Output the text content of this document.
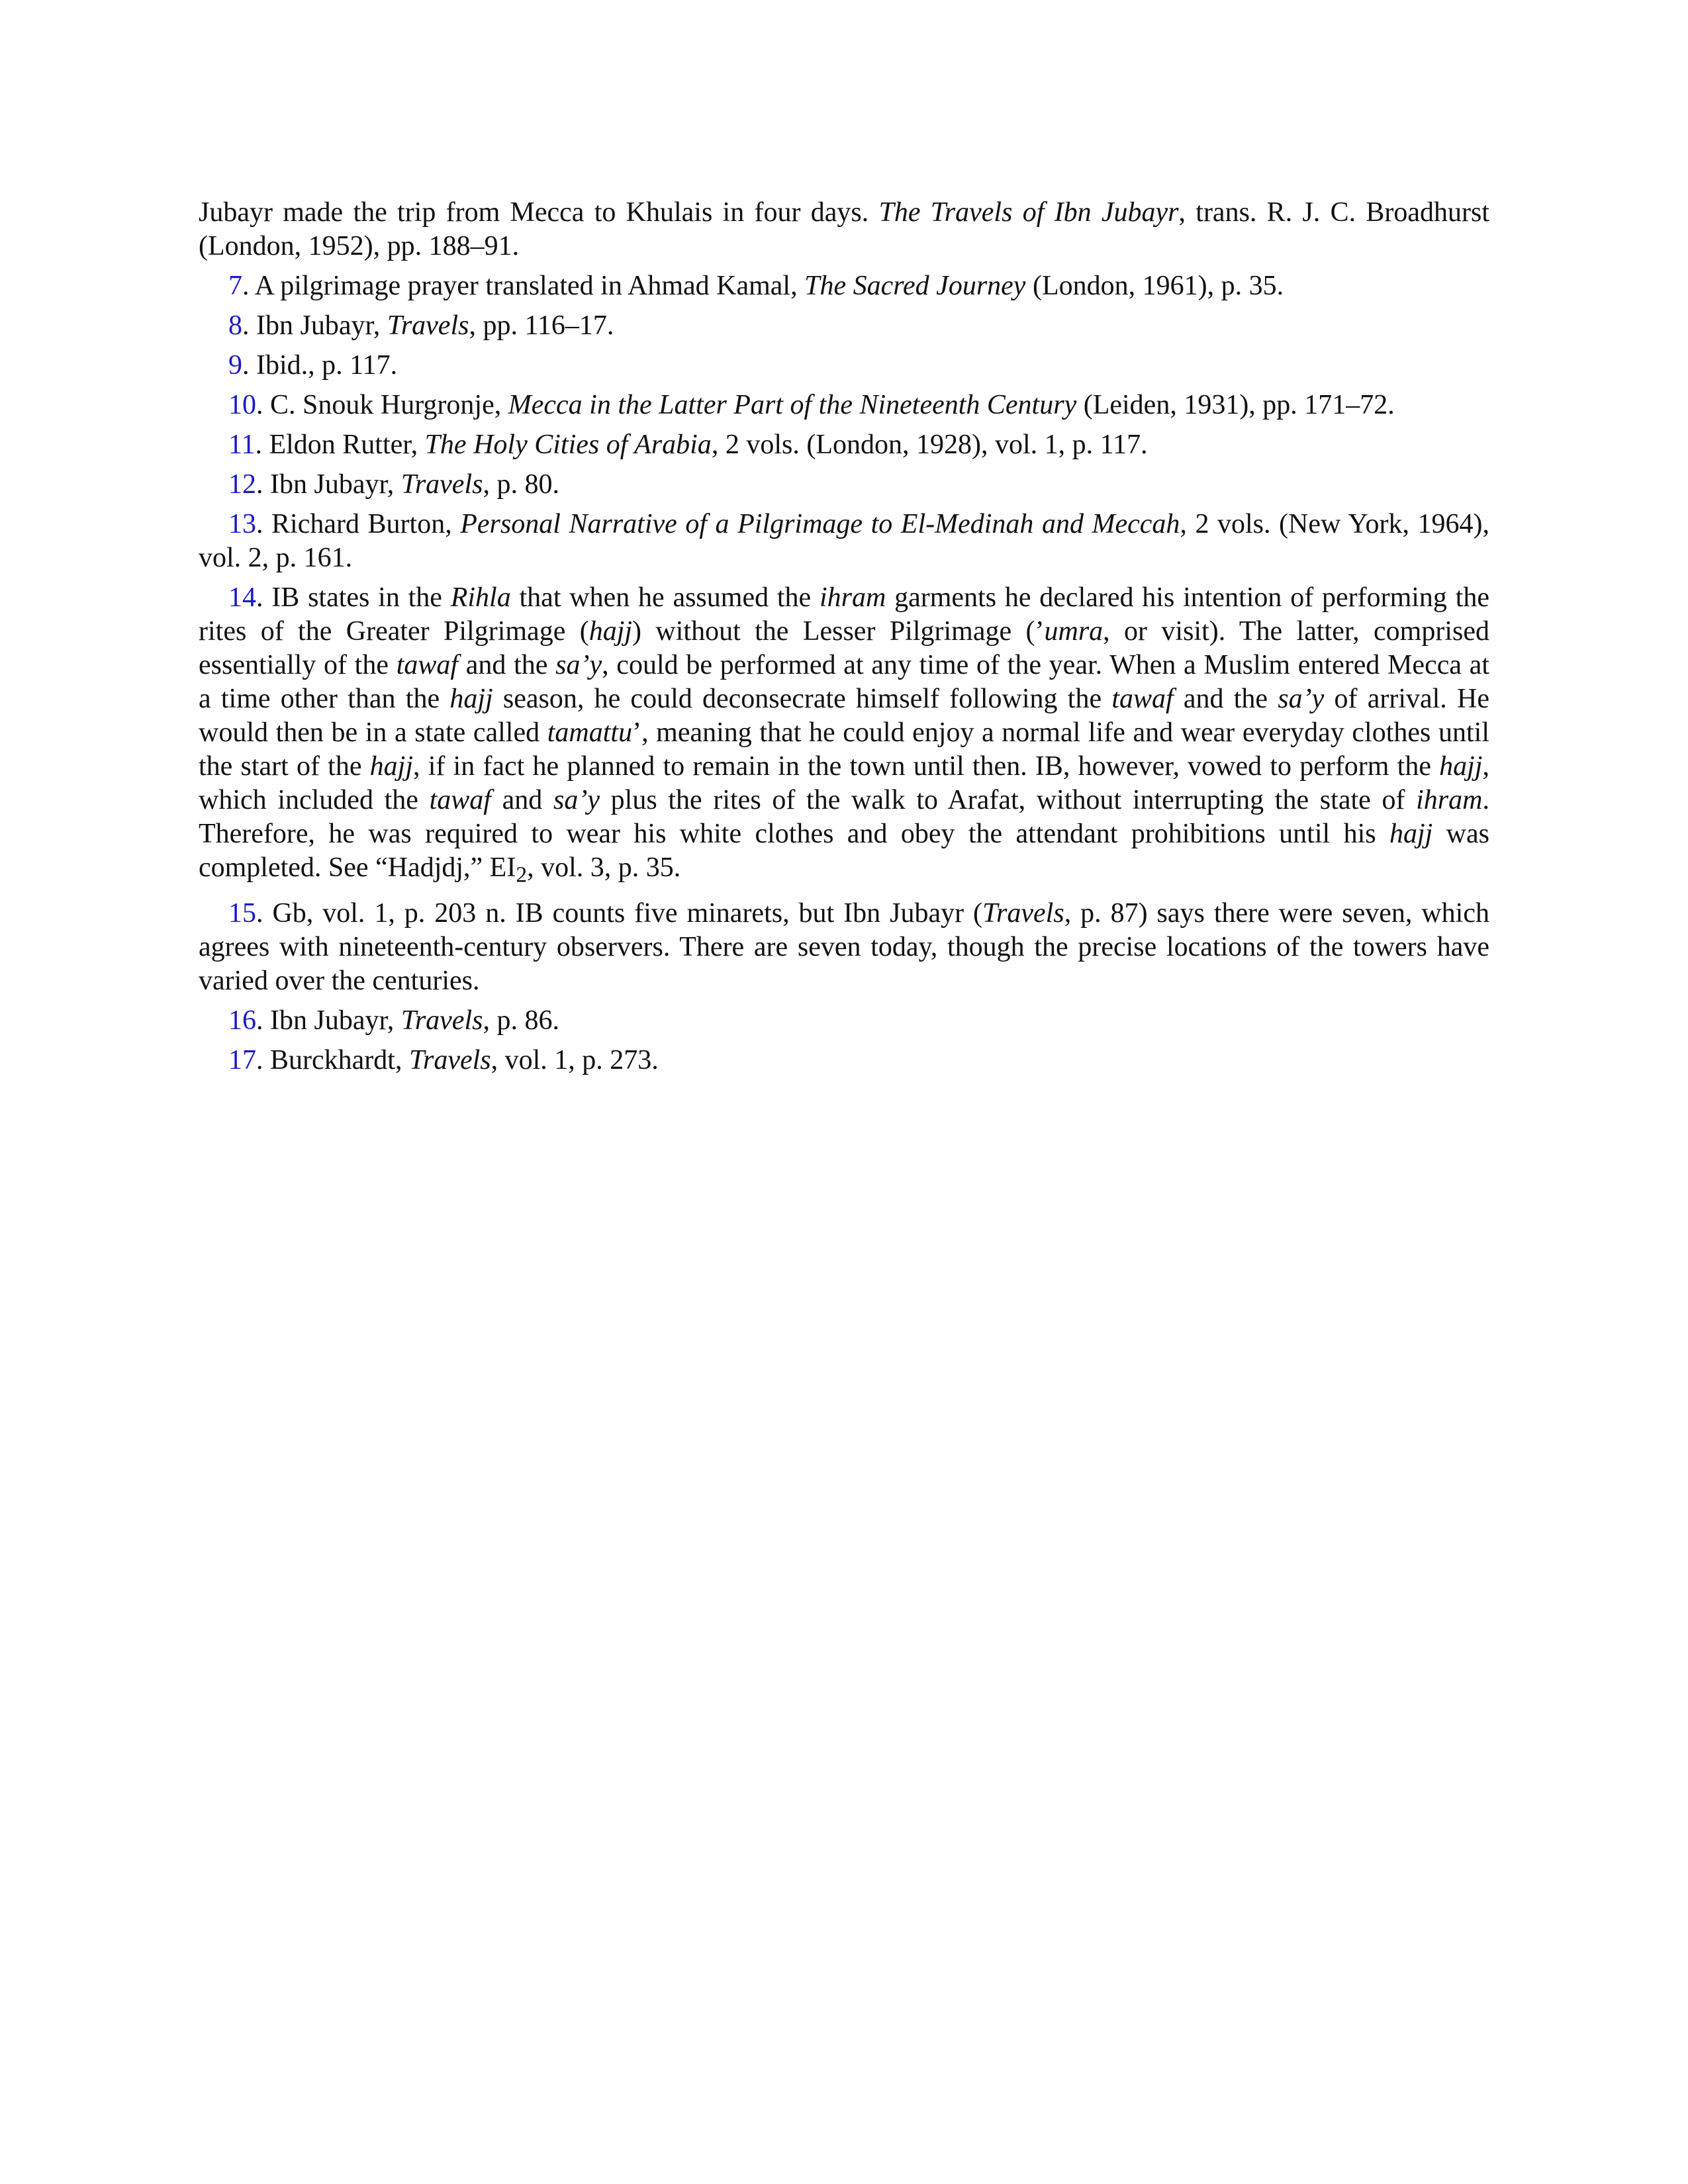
Jubayr made the trip from Mecca to Khulais in four days. The Travels of Ibn Jubayr, trans. R. J. C. Broadhurst (London, 1952), pp. 188–91.

7. A pilgrimage prayer translated in Ahmad Kamal, The Sacred Journey (London, 1961), p. 35.

8. Ibn Jubayr, Travels, pp. 116–17.

9. Ibid., p. 117.

10. C. Snouk Hurgronje, Mecca in the Latter Part of the Nineteenth Century (Leiden, 1931), pp. 171–72.

11. Eldon Rutter, The Holy Cities of Arabia, 2 vols. (London, 1928), vol. 1, p. 117.

12. Ibn Jubayr, Travels, p. 80.

13. Richard Burton, Personal Narrative of a Pilgrimage to El-Medinah and Meccah, 2 vols. (New York, 1964), vol. 2, p. 161.

14. IB states in the Rihla that when he assumed the ihram garments he declared his intention of performing the rites of the Greater Pilgrimage (hajj) without the Lesser Pilgrimage (’umra, or visit). The latter, comprised essentially of the tawaf and the sa’y, could be performed at any time of the year. When a Muslim entered Mecca at a time other than the hajj season, he could deconsecrate himself following the tawaf and the sa’y of arrival. He would then be in a state called tamattu’, meaning that he could enjoy a normal life and wear everyday clothes until the start of the hajj, if in fact he planned to remain in the town until then. IB, however, vowed to perform the hajj, which included the tawaf and sa’y plus the rites of the walk to Arafat, without interrupting the state of ihram. Therefore, he was required to wear his white clothes and obey the attendant prohibitions until his hajj was completed. See “Hadjdj,” $EI_2$, vol. 3, p. 35.

15. Gb, vol. 1, p. 203 n. IB counts five minarets, but Ibn Jubayr (Travels, p. 87) says there were seven, which agrees with nineteenth-century observers. There are seven today, though the precise locations of the towers have varied over the centuries.

16. Ibn Jubayr, Travels, p. 86.

17. Burckhardt, Travels, vol. 1, p. 273.
